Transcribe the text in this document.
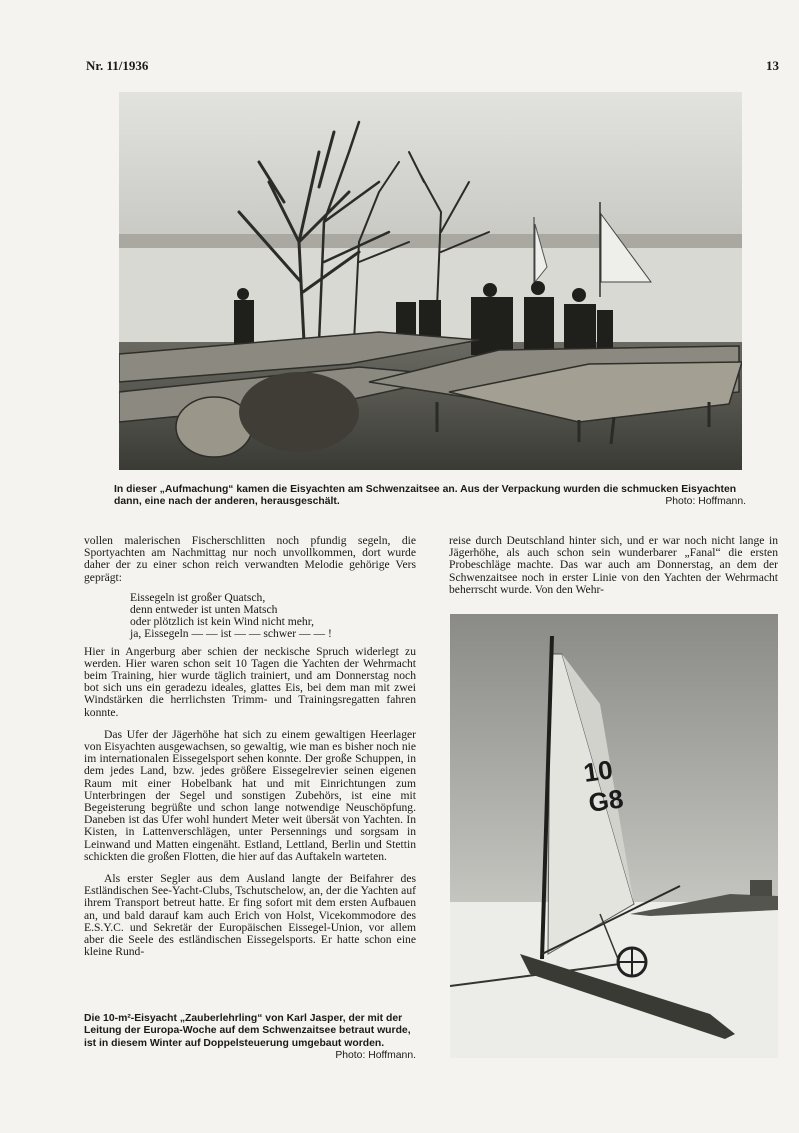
Nr. 11/1936	13
In dieser „Aufmachung“ kamen die Eisyachten am Schwenzaitsee an. Aus der Verpackung wurden die schmucken Eisyachten dann, eine nach der anderen, herausgeschält.	Photo: Hoffmann.

vollen malerischen Fischerschlitten noch pfundig segeln, die Sportyachten am Nachmittag nur noch unvollkommen, dort wurde daher der zu einer schon reich verwandten Melodie gehörige Vers geprägt:

Eissegeln ist großer Quatsch,
denn entweder ist unten Matsch
oder plötzlich ist kein Wind nicht mehr,
ja, Eissegeln — — ist — — schwer — — !

Hier in Angerburg aber schien der neckische Spruch widerlegt zu werden. Hier waren schon seit 10 Tagen die Yachten der Wehrmacht beim Training, hier wurde täglich trainiert, und am Donnerstag noch bot sich uns ein geradezu ideales, glattes Eis, bei dem man mit zwei Windstärken die herrlichsten Trimm- und Trainingsregatten fahren konnte.

Das Ufer der Jägerhöhe hat sich zu einem gewaltigen Heerlager von Eisyachten ausgewachsen, so gewaltig, wie man es bisher noch nie im internationalen Eissegelsport sehen konnte. Der große Schuppen, in dem jedes Land, bzw. jedes größere Eissegelrevier seinen eigenen Raum mit einer Hobelbank hat und mit Einrichtungen zum Unterbringen der Segel und sonstigen Zubehörs, ist eine mit Begeisterung begrüßte und schon lange notwendige Neuschöpfung. Daneben ist das Ufer wohl hundert Meter weit übersät von Yachten. In Kisten, in Lattenverschlägen, unter Persennings und sorgsam in Leinwand und Matten eingenäht. Estland, Lettland, Berlin und Stettin schickten die großen Flotten, die hier auf das Auftakeln warteten.

Als erster Segler aus dem Ausland langte der Beifahrer des Estländischen See-Yacht-Clubs, Tschutschelow, an, der die Yachten auf ihrem Transport betreut hatte. Er fing sofort mit dem ersten Aufbauen an, und bald darauf kam auch Erich von Holst, Vicekommodore des E.S.Y.C. und Sekretär der Europäischen Eissegel-Union, vor allem aber die Seele des estländischen Eissegelsports. Er hatte schon eine kleine Rund-

reise durch Deutschland hinter sich, und er war noch nicht lange in Jägerhöhe, als auch schon sein wunderbarer „Fanal“ die ersten Probeschläge machte. Das war auch am Donnerstag, an dem der Schwenzaitsee noch in erster Linie von den Yachten der Wehrmacht beherrscht wurde. Von den Wehr-

10
G8
Die 10-m²-Eisyacht „Zauberlehrling“ von Karl Jasper, der mit der Leitung der Europa-Woche auf dem Schwenzaitsee betraut wurde, ist in diesem Winter auf Doppelsteuerung umgebaut worden.
Photo: Hoffmann.
